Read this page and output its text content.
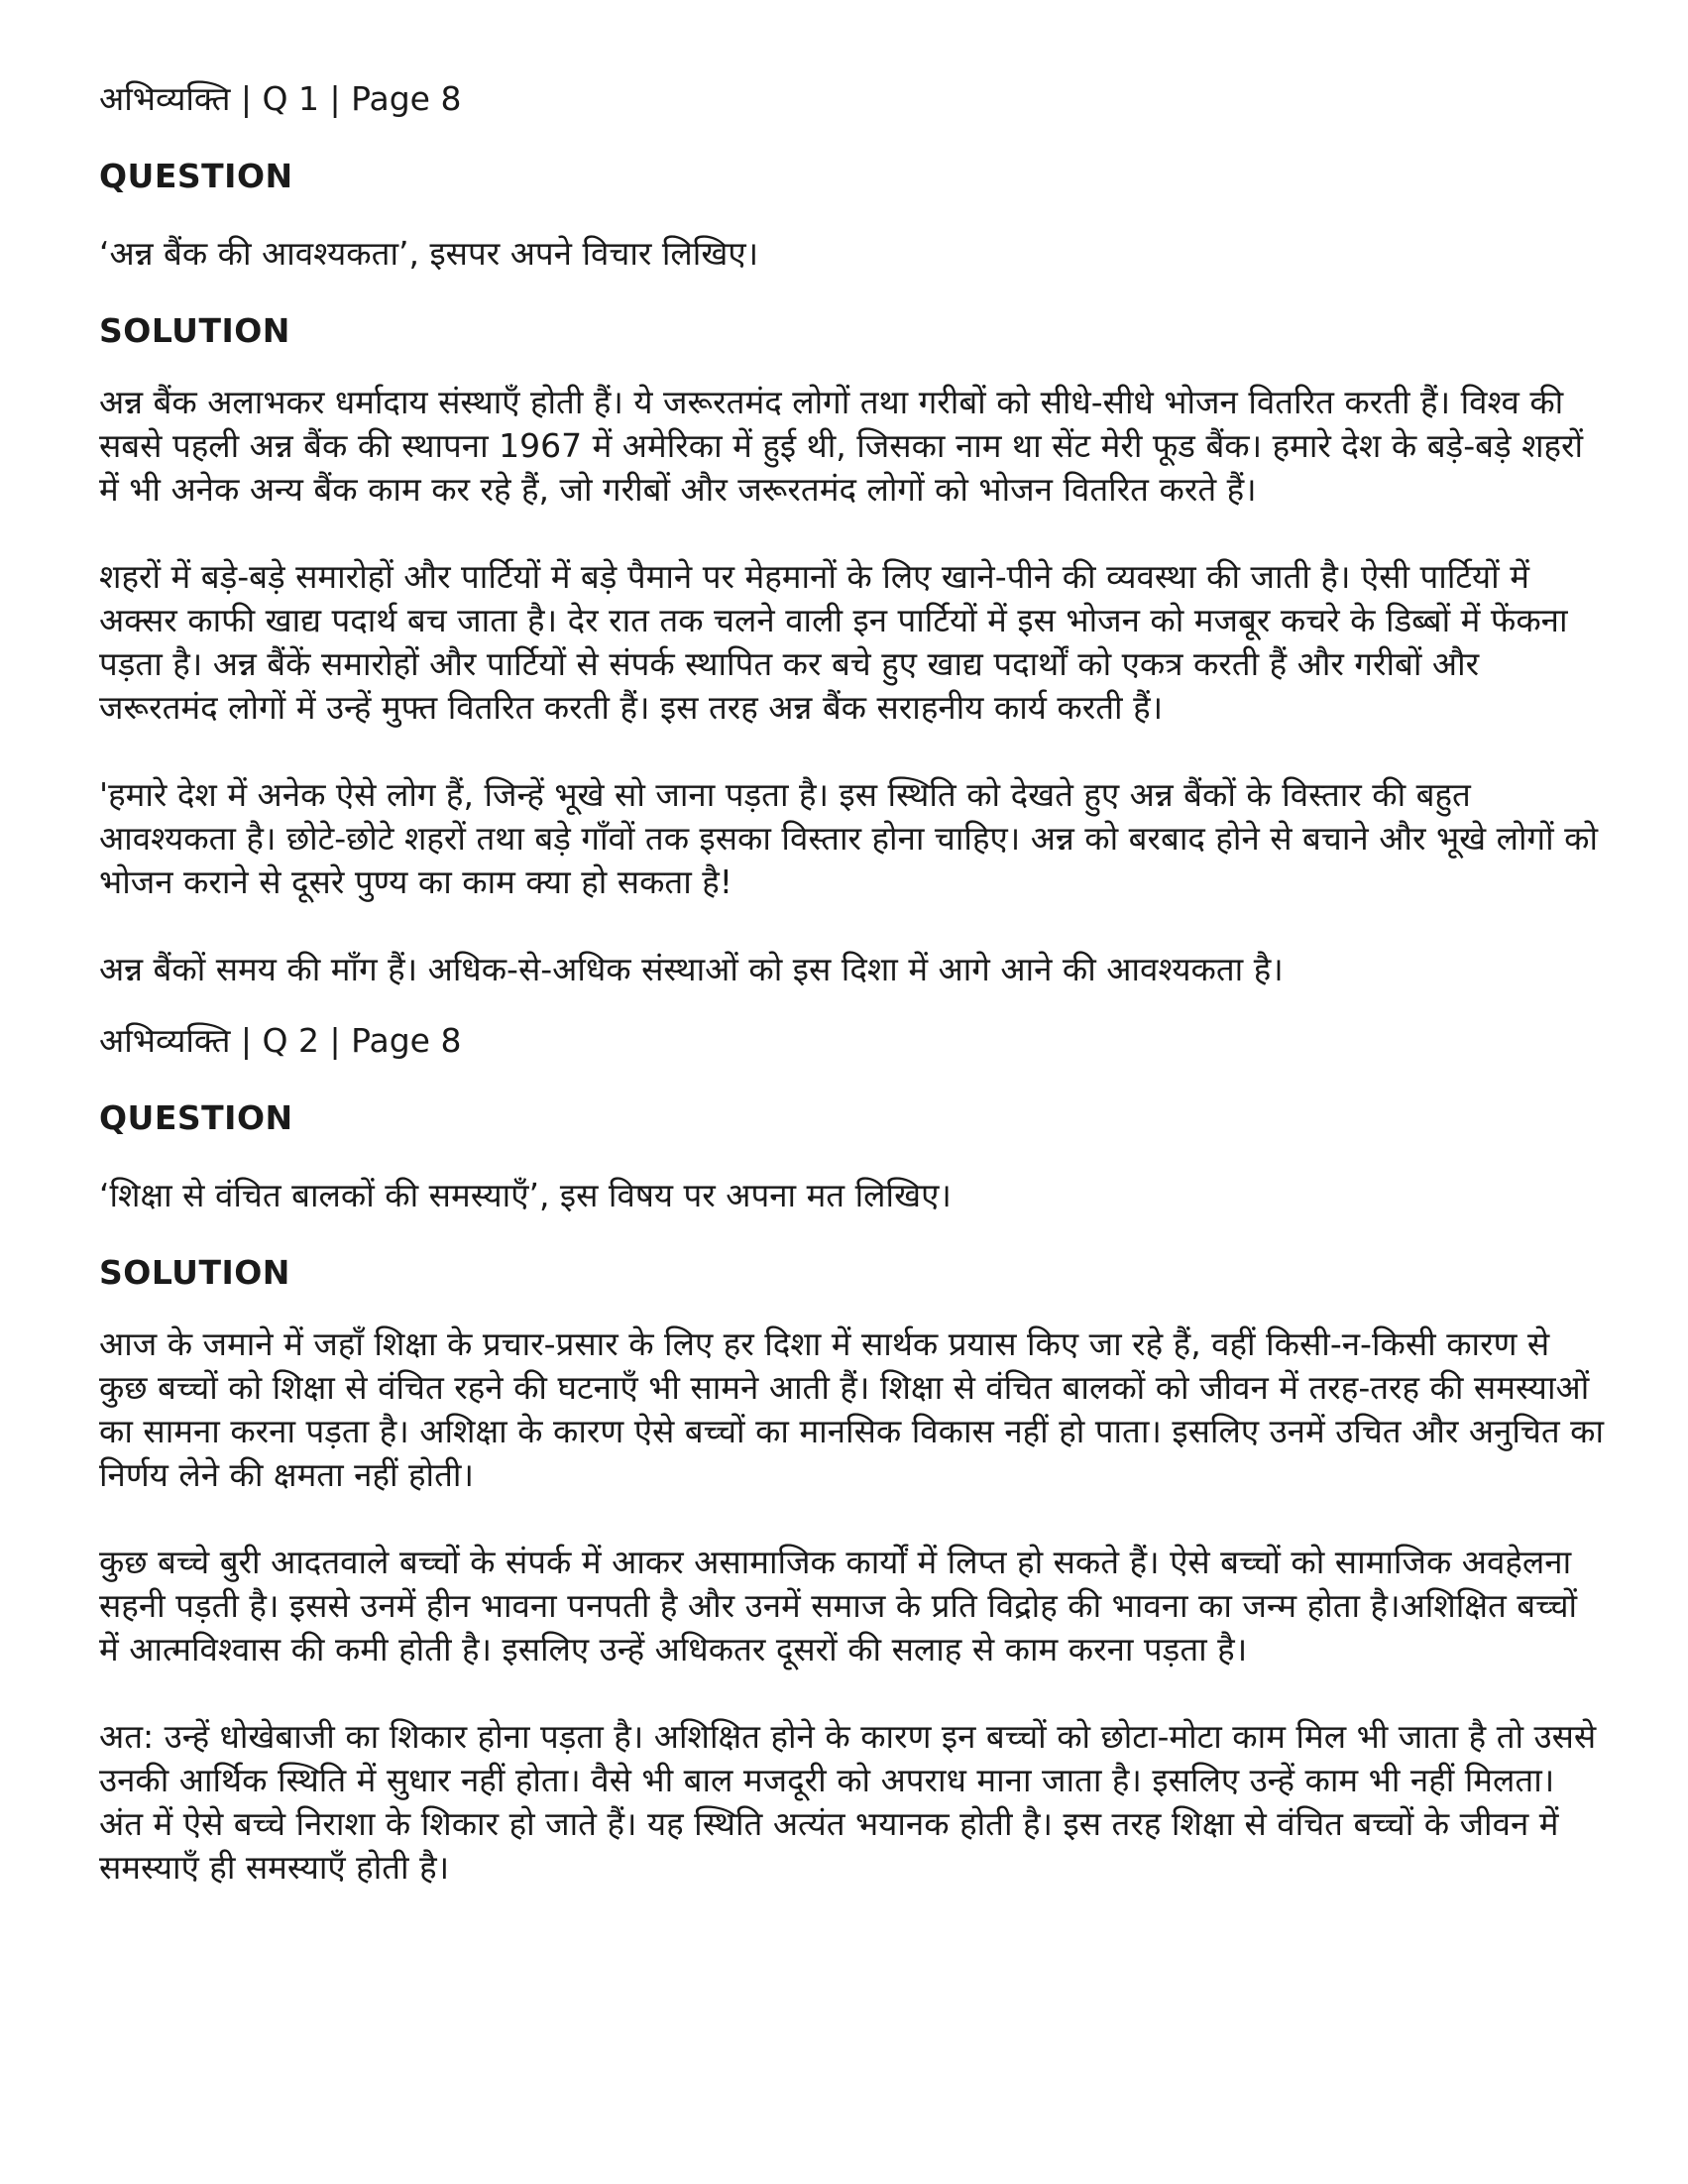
अभिव्यक्ति | Q 1 | Page 8
QUESTION
‘अन्न बैंक की आवश्यकता’, इसपर अपने विचार लिखिए।
SOLUTION

अन्न बैंक अलाभकर धर्मादाय संस्थाएँ होती हैं। ये जरूरतमंद लोगों तथा गरीबों को सीधे-सीधे भोजन वितरित करती हैं। विश्व की सबसे पहली अन्न बैंक की स्थापना 1967 में अमेरिका में हुई थी, जिसका नाम था सेंट मेरी फूड बैंक। हमारे देश के बड़े-बड़े शहरों में भी अनेक अन्य बैंक काम कर रहे हैं, जो गरीबों और जरूरतमंद लोगों को भोजन वितरित करते हैं।

शहरों में बड़े-बड़े समारोहों और पार्टियों में बड़े पैमाने पर मेहमानों के लिए खाने-पीने की व्यवस्था की जाती है। ऐसी पार्टियों में अक्सर काफी खाद्य पदार्थ बच जाता है। देर रात तक चलने वाली इन पार्टियों में इस भोजन को मजबूर कचरे के डिब्बों में फेंकना पड़ता है। अन्न बैंकें समारोहों और पार्टियों से संपर्क स्थापित कर बचे हुए खाद्य पदार्थों को एकत्र करती हैं और गरीबों और जरूरतमंद लोगों में उन्हें मुफ्त वितरित करती हैं। इस तरह अन्न बैंक सराहनीय कार्य करती हैं।

'हमारे देश में अनेक ऐसे लोग हैं, जिन्हें भूखे सो जाना पड़ता है। इस स्थिति को देखते हुए अन्न बैंकों के विस्तार की बहुत आवश्यकता है। छोटे-छोटे शहरों तथा बड़े गाँवों तक इसका विस्तार होना चाहिए। अन्न को बरबाद होने से बचाने और भूखे लोगों को भोजन कराने से दूसरे पुण्य का काम क्या हो सकता है!

अन्न बैंकों समय की माँग हैं। अधिक-से-अधिक संस्थाओं को इस दिशा में आगे आने की आवश्यकता है।

अभिव्यक्ति | Q 2 | Page 8
QUESTION
‘शिक्षा से वंचित बालकों की समस्याएँ’, इस विषय पर अपना मत लिखिए।
SOLUTION

आज के जमाने में जहाँ शिक्षा के प्रचार-प्रसार के लिए हर दिशा में सार्थक प्रयास किए जा रहे हैं, वहीं किसी-न-किसी कारण से कुछ बच्चों को शिक्षा से वंचित रहने की घटनाएँ भी सामने आती हैं। शिक्षा से वंचित बालकों को जीवन में तरह-तरह की समस्याओं का सामना करना पड़ता है। अशिक्षा के कारण ऐसे बच्चों का मानसिक विकास नहीं हो पाता। इसलिए उनमें उचित और अनुचित का निर्णय लेने की क्षमता नहीं होती।

कुछ बच्चे बुरी आदतवाले बच्चों के संपर्क में आकर असामाजिक कार्यों में लिप्त हो सकते हैं। ऐसे बच्चों को सामाजिक अवहेलना सहनी पड़ती है। इससे उनमें हीन भावना पनपती है और उनमें समाज के प्रति विद्रोह की भावना का जन्म होता है।अशिक्षित बच्चों में आत्मविश्वास की कमी होती है। इसलिए उन्हें अधिकतर दूसरों की सलाह से काम करना पड़ता है।

अत: उन्हें धोखेबाजी का शिकार होना पड़ता है। अशिक्षित होने के कारण इन बच्चों को छोटा-मोटा काम मिल भी जाता है तो उससे उनकी आर्थिक स्थिति में सुधार नहीं होता। वैसे भी बाल मजदूरी को अपराध माना जाता है। इसलिए उन्हें काम भी नहीं मिलता। अंत में ऐसे बच्चे निराशा के शिकार हो जाते हैं। यह स्थिति अत्यंत भयानक होती है। इस तरह शिक्षा से वंचित बच्चों के जीवन में समस्याएँ ही समस्याएँ होती है।
